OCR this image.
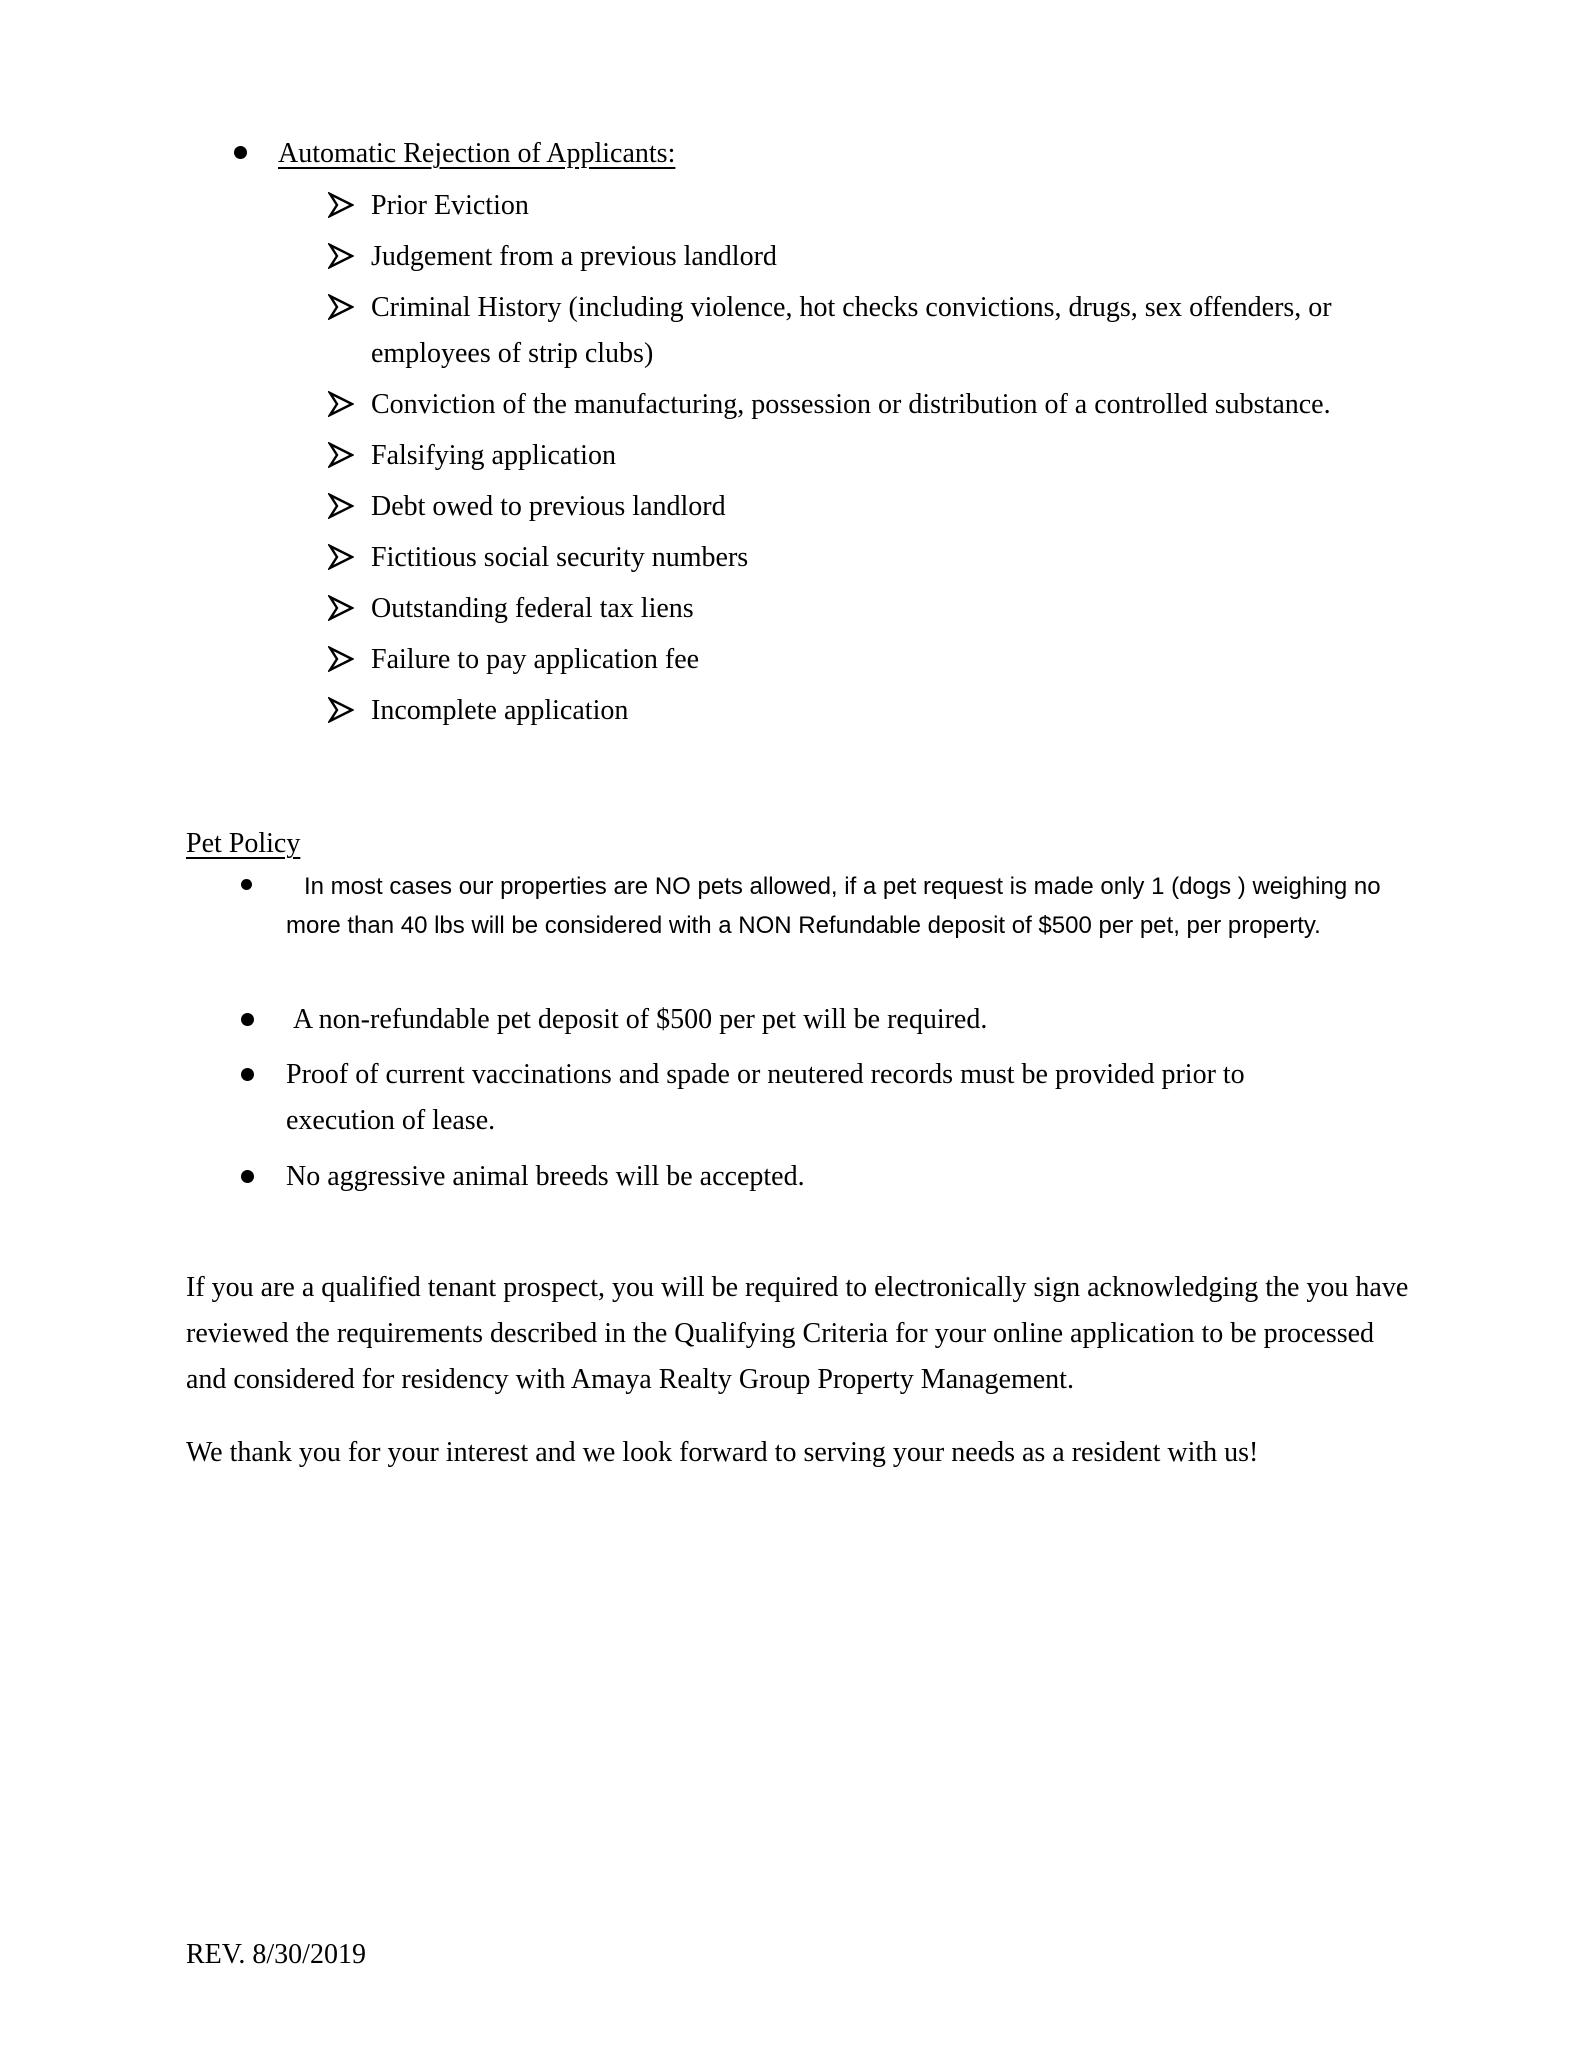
Automatic Rejection of Applicants:
Prior Eviction
Judgement from a previous landlord
Criminal History (including violence, hot checks convictions, drugs, sex offenders, or
employees of strip clubs)
Conviction of the manufacturing, possession or distribution of a controlled substance.
Falsifying application
Debt owed to previous landlord
Fictitious social security numbers
Outstanding federal tax liens
Failure to pay application fee
Incomplete application
Pet Policy
In most cases our properties are NO pets allowed, if a pet request is made only 1 (dogs ) weighing no more than 40 lbs will be considered with a NON Refundable deposit of $500 per pet, per property.
A non-refundable pet deposit of $500 per pet will be required.
Proof of current vaccinations and spade or neutered records must be provided prior to
execution of lease.
No aggressive animal breeds will be accepted.
If you are a qualified tenant prospect, you will be required to electronically sign acknowledging the you have reviewed the requirements described in the Qualifying Criteria for your online application to be processed and considered for residency with Amaya Realty Group Property Management.
We thank you for your interest and we look forward to serving your needs as a resident with us!
REV. 8/30/2019
